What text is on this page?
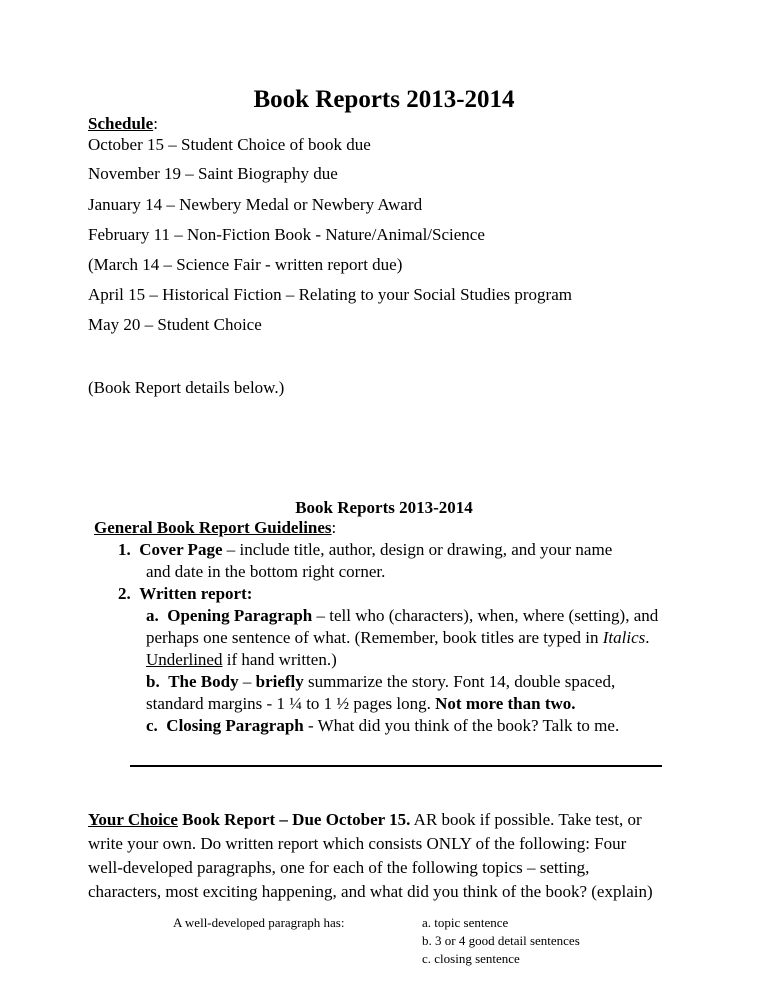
Book Reports 2013-2014
Schedule:
October 15 – Student Choice of book due
November 19 – Saint Biography due
January 14 – Newbery Medal or Newbery Award
February 11 – Non-Fiction Book - Nature/Animal/Science
(March 14 – Science Fair - written report due)
April 15 – Historical Fiction – Relating to your Social Studies program
May 20 – Student Choice
(Book Report details below.)
Book Reports 2013-2014
General Book Report Guidelines:
1. Cover Page – include title, author, design or drawing, and your name
and date in the bottom right corner.
2. Written report:
a. Opening Paragraph – tell who (characters), when, where (setting), and
perhaps one sentence of what. (Remember, book titles are typed in Italics.
Underlined if hand written.)
b. The Body – briefly summarize the story. Font 14, double spaced,
standard margins - 1 ¼ to 1 ½ pages long. Not more than two.
c. Closing Paragraph - What did you think of the book? Talk to me.
Your Choice Book Report – Due October 15. AR book if possible. Take test, or
write your own. Do written report which consists ONLY of the following: Four
well-developed paragraphs, one for each of the following topics – setting,
characters, most exciting happening, and what did you think of the book? (explain)
A well-developed paragraph has:	a. topic sentence
b. 3 or 4 good detail sentences
c. closing sentence
